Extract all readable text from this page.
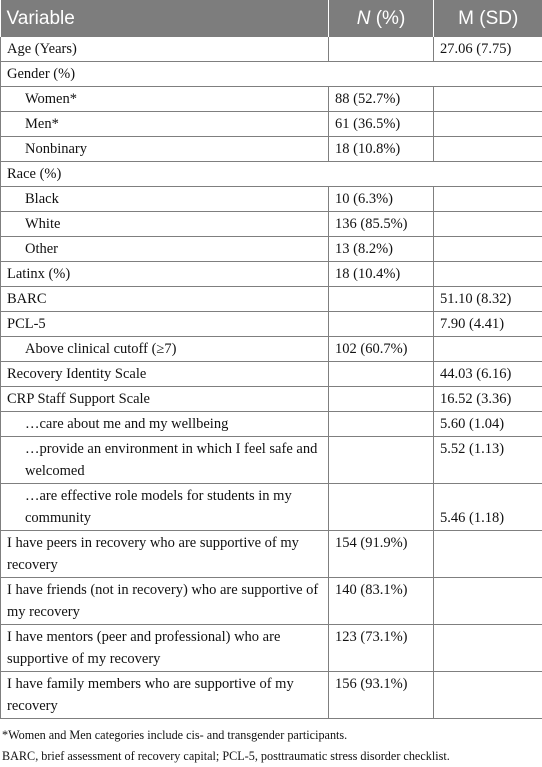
Variable	N (%)	M (SD)
Age (Years)		27.06 (7.75)
Gender (%)		
Women*	88 (52.7%)	
Men*	61 (36.5%)	
Nonbinary	18 (10.8%)	
Race (%)		
Black	10 (6.3%)	
White	136 (85.5%)	
Other	13 (8.2%)	
Latinx (%)	18 (10.4%)	
BARC		51.10 (8.32)
PCL-5		7.90 (4.41)
Above clinical cutoff (≥7)	102 (60.7%)	
Recovery Identity Scale		44.03 (6.16)
CRP Staff Support Scale		16.52 (3.36)
…care about me and my wellbeing		5.60 (1.04)
…provide an environment in which I feel safe and welcomed		5.52 (1.13)
…are effective role models for students in my community		5.46 (1.18)
I have peers in recovery who are supportive of my recovery	154 (91.9%)	
I have friends (not in recovery) who are supportive of my recovery	140 (83.1%)	
I have mentors (peer and professional) who are supportive of my recovery	123 (73.1%)	
I have family members who are supportive of my recovery	156 (93.1%)	
*Women and Men categories include cis- and transgender participants.
BARC, brief assessment of recovery capital; PCL-5, posttraumatic stress disorder checklist.
